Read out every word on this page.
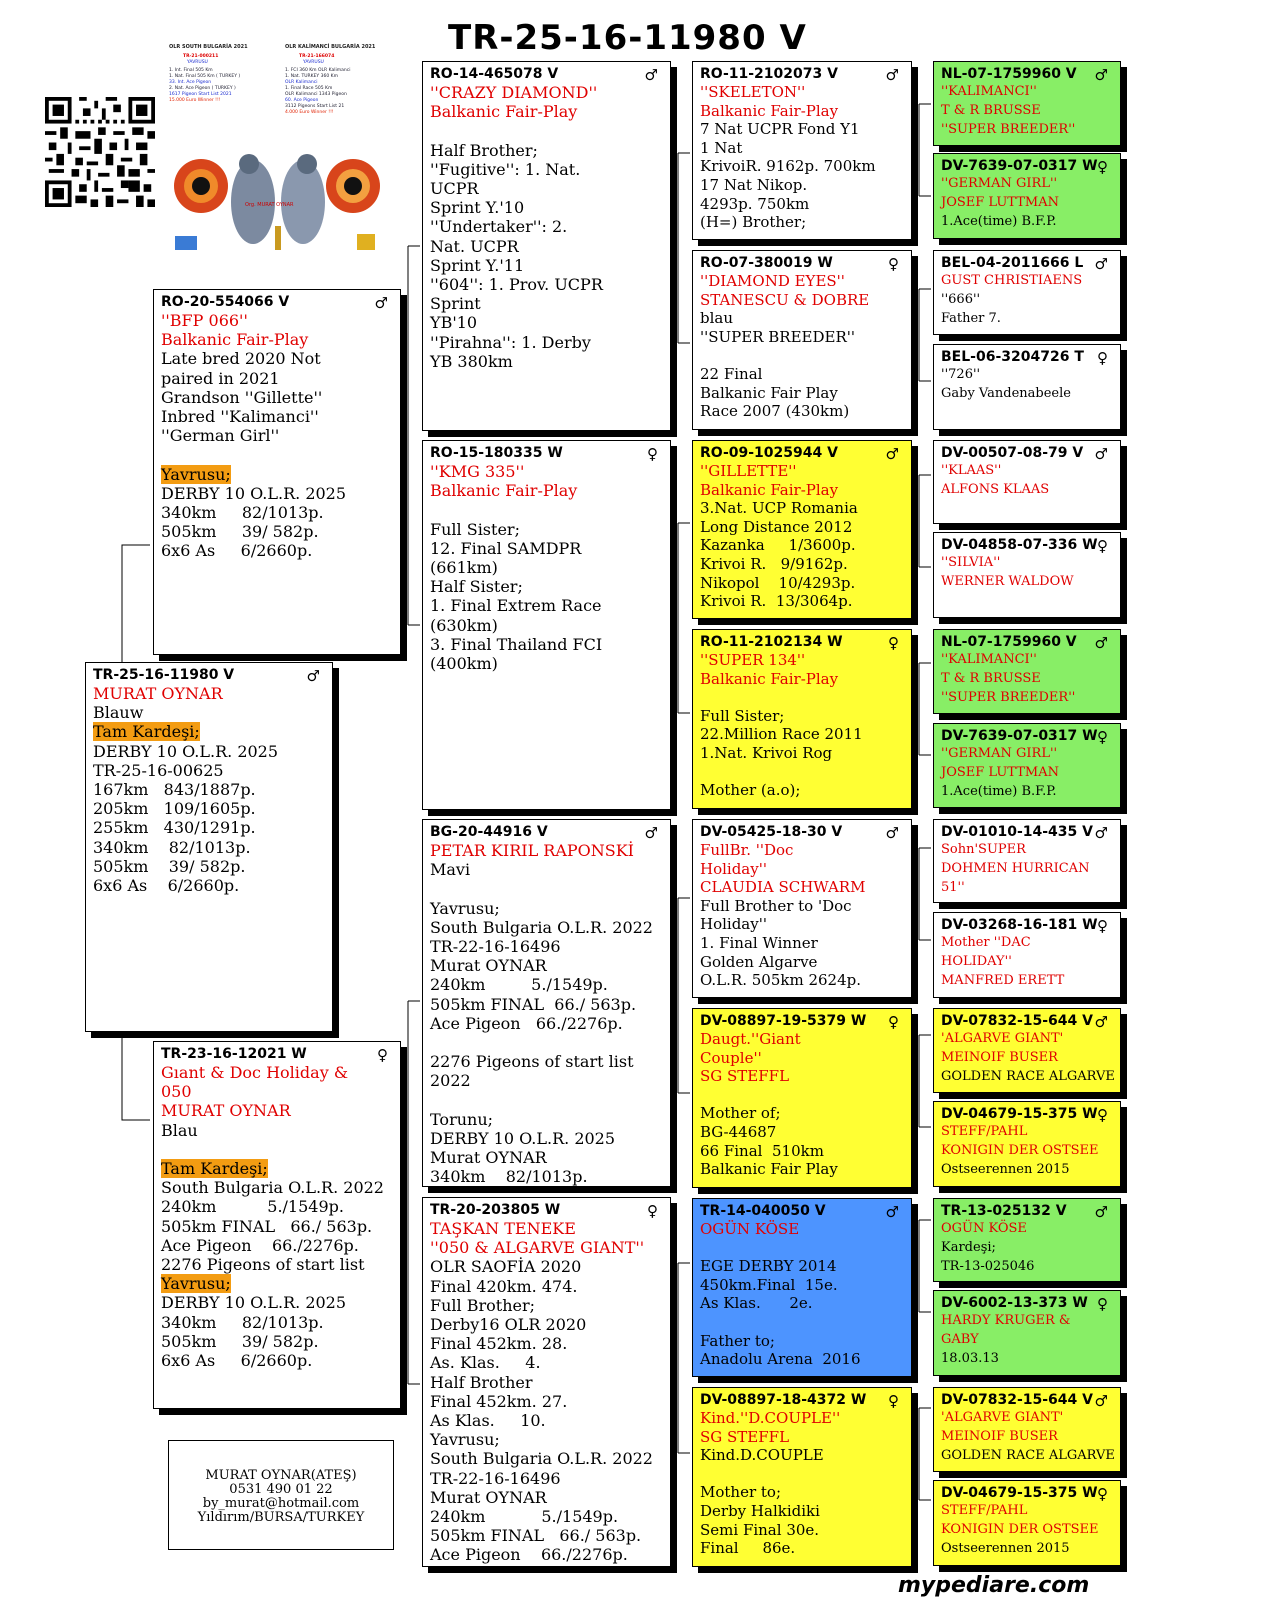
TR-25-16-11980 V
OLR SOUTH BULGARİA 2021
TR-21-000211
YAVRUSU
1. Int. Final 505 Km
1. Nat. Final 505 Km ( TURKEY )
33. Int. Ace Pigeon
2. Nat. Ace Pigeon ( TURKEY )
1617 Pigeon Start List 2021
15.000 Euro Winner !!!
OLR KALİMANCİ BULGARİA 2021
TR-21-166074
YAVRUSU
1. FCI 360 Km OLR Kalimanci
1. Nat. TURKEY 360 Km
OLR Kalimanci
1. Final Race 505 Km
OLR Kalimanci 1343 Pigeon
60. Ace Pigeon
3112 Pigeons Start List 21
4.000 Euro Winner !!!
Org. MURAT OYNAR
TR-25-16-11980 V	♂
MURAT OYNAR
Blauw
Tam Kardeşi;
DERBY 10 O.L.R. 2025
TR-25-16-00625
167km   843/1887p.
205km   109/1605p.
255km   430/1291p.
340km    82/1013p.
505km    39/ 582p.
6x6 As    6/2660p.
RO-20-554066 V	♂
''BFP 066''
Balkanic Fair-Play
Late bred 2020 Not
paired in 2021
Grandson ''Gillette''
Inbred ''Kalimanci''
''German Girl''

Yavrusu;
DERBY 10 O.L.R. 2025
340km     82/1013p.
505km     39/ 582p.
6x6 As     6/2660p.
TR-23-16-12021 W	♀
Gıant & Doc Holiday &
050
MURAT OYNAR
Blau

Tam Kardeşi;
South Bulgaria O.L.R. 2022
240km          5./1549p.
505km FINAL   66./ 563p.
Ace Pigeon    66./2276p.
2276 Pigeons of start list
Yavrusu;
DERBY 10 O.L.R. 2025
340km     82/1013p.
505km     39/ 582p.
6x6 As     6/2660p.
RO-14-465078 V	♂
''CRAZY DIAMOND''
Balkanic Fair-Play

Half Brother;
''Fugitive'': 1. Nat.
UCPR
Sprint Y.'10
''Undertaker'': 2.
Nat. UCPR
Sprint Y.'11
''604'': 1. Prov. UCPR
Sprint
YB'10
''Pirahna'': 1. Derby
YB 380km
RO-15-180335 W	♀
''KMG 335''
Balkanic Fair-Play

Full Sister;
12. Final SAMDPR
(661km)
Half Sister;
1. Final Extrem Race
(630km)
3. Final Thailand FCI
(400km)
BG-20-44916 V	♂
PETAR KIRIL RAPONSKİ
Mavi

Yavrusu;
South Bulgaria O.L.R. 2022
TR-22-16-16496
Murat OYNAR
240km         5./1549p.
505km FINAL  66./ 563p.
Ace Pigeon   66./2276p.

2276 Pigeons of start list
2022

Torunu;
DERBY 10 O.L.R. 2025
Murat OYNAR
340km    82/1013p.
TR-20-203805 W	♀
TAŞKAN TENEKE
''050 & ALGARVE GIANT''
OLR SAOFİA 2020
Final 420km. 474.
Full Brother;
Derby16 OLR 2020
Final 452km. 28.
As. Klas.     4.
Half Brother
Final 452km. 27.
As Klas.     10.
Yavrusu;
South Bulgaria O.L.R. 2022
TR-22-16-16496
Murat OYNAR
240km           5./1549p.
505km FINAL   66./ 563p.
Ace Pigeon    66./2276p.
RO-11-2102073 V	♂
''SKELETON''
Balkanic Fair-Play
7 Nat UCPR Fond Y1
1 Nat
KrivoiR. 9162p. 700km
17 Nat Nikop.
4293p. 750km
(H=) Brother;
RO-07-380019 W	♀
''DIAMOND EYES''
STANESCU & DOBRE
blau
''SUPER BREEDER''

22 Final
Balkanic Fair Play
Race 2007 (430km)
RO-09-1025944 V	♂
''GILLETTE''
Balkanic Fair-Play
3.Nat. UCP Romania
Long Distance 2012
Kazanka     1/3600p.
Krivoi R.   9/9162p.
Nikopol    10/4293p.
Krivoi R.  13/3064p.
RO-11-2102134 W	♀
''SUPER 134''
Balkanic Fair-Play

Full Sister;
22.Million Race 2011
1.Nat. Krivoi Rog

Mother (a.o);
DV-05425-18-30 V	♂
FullBr. ''Doc
Holiday''
CLAUDIA SCHWARM
Full Brother to 'Doc
Holiday''
1. Final Winner
Golden Algarve
O.L.R. 505km 2624p.
DV-08897-19-5379 W	♀
Daugt.''Giant
Couple''
SG STEFFL

Mother of;
BG-44687
66 Final  510km
Balkanic Fair Play
TR-14-040050 V	♂
OGÜN KÖSE

EGE DERBY 2014
450km.Final  15e.
As Klas.      2e.

Father to;
Anadolu Arena  2016
DV-08897-18-4372 W	♀
Kind.''D.COUPLE''
SG STEFFL
Kind.D.COUPLE

Mother to;
Derby Halkidiki
Semi Final 30e.
Final     86e.
NL-07-1759960 V	♂
''KALIMANCI''
T & R BRUSSE
''SUPER BREEDER''
DV-7639-07-0317 W ♀
''GERMAN GIRL''
JOSEF LUTTMAN
1.Ace(time) B.F.P.
BEL-04-2011666 L ♂
GUST CHRISTIAENS
''666''
Father 7.
BEL-06-3204726 T ♀
''726''
Gaby Vandenabeele
DV-00507-08-79 V ♂
''KLAAS''
ALFONS KLAAS
DV-04858-07-336 W ♀
''SILVIA''
WERNER WALDOW
NL-07-1759960 V	♂
''KALIMANCI''
T & R BRUSSE
''SUPER BREEDER''
DV-7639-07-0317 W ♀
''GERMAN GIRL''
JOSEF LUTTMAN
1.Ace(time) B.F.P.
DV-01010-14-435 V ♂
Sohn'SUPER
DOHMEN HURRICAN
51''
DV-03268-16-181 W ♀
Mother ''DAC
HOLIDAY''
MANFRED ERETT
DV-07832-15-644 V ♂
'ALGARVE GIANT'
MEINOIF BUSER
GOLDEN RACE ALGARVE
DV-04679-15-375 W ♀
STEFF/PAHL
KONIGIN DER OSTSEE
Ostseerennen 2015
TR-13-025132 V	♂
OGÜN KÖSE
Kardeşi;
TR-13-025046
DV-6002-13-373 W ♀
HARDY KRUGER &
GABY
18.03.13
DV-07832-15-644 V ♂
'ALGARVE GIANT'
MEINOIF BUSER
GOLDEN RACE ALGARVE
DV-04679-15-375 W ♀
STEFF/PAHL
KONIGIN DER OSTSEE
Ostseerennen 2015
MURAT OYNAR(ATEŞ)
0531 490 01 22
by_murat@hotmail.com
Yıldırım/BURSA/TURKEY
mypediare.com
